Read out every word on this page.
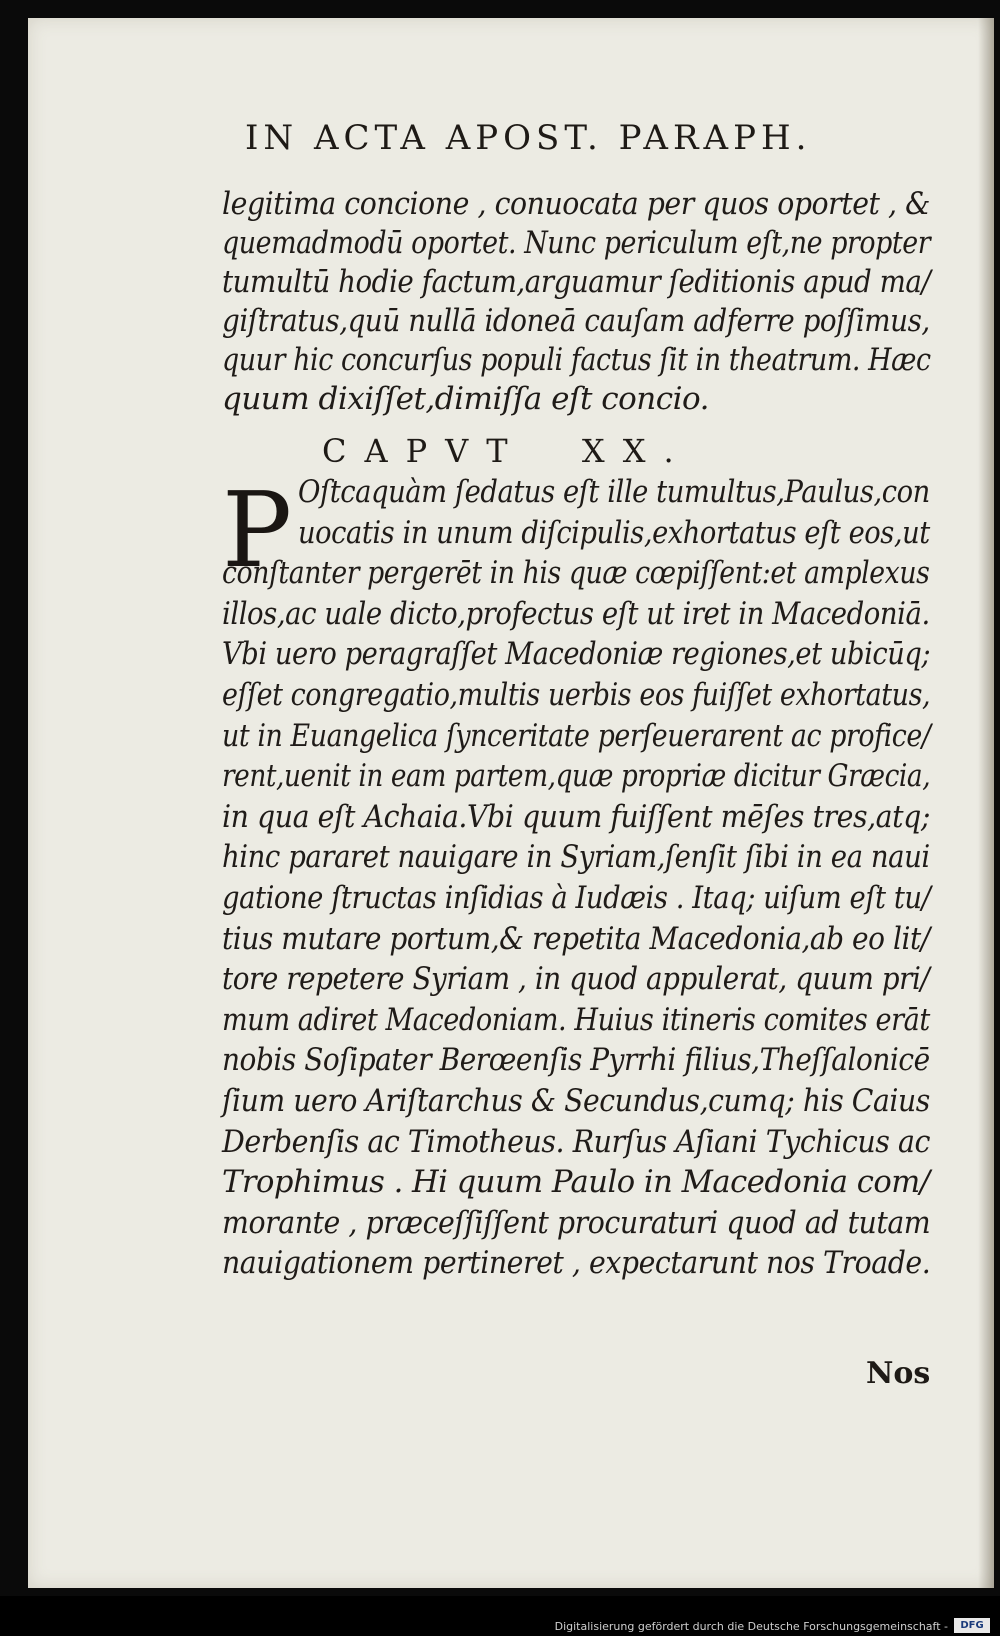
IN ACTA APOST. PARAPH.
legitima concione , conuocata per quos oportet , &
quemadmodū oportet. Nunc periculum eſt,ne propter
tumultū hodie factum,arguamur ſeditionis apud ma/
giſtratus,quū nullā idoneā cauſam adferre poſſimus,
quur hic concurſus populi factus ſit in theatrum. Hæc
quum dixiſſet,dimiſſa eſt concio.
CAPVT  XX.
P Oſtcaquàm ſedatus eſt ille tumultus,Paulus,con
uocatis in unum diſcipulis,exhortatus eſt eos,ut
conſtanter pergerēt in his quæ cœpiſſent:et amplexus
illos,ac uale dicto,profectus eſt ut iret in Macedoniā.
Vbi uero peragraſſet Macedoniæ regiones,et ubicūq;
eſſet congregatio,multis uerbis eos fuiſſet exhortatus,
ut in Euangelica ſynceritate perſeuerarent ac profice/
rent,uenit in eam partem,quæ propriæ dicitur Græcia,
in qua eſt Achaia.Vbi quum fuiſſent mēſes tres,atq;
hinc pararet nauigare in Syriam,ſenſit ſibi in ea naui
gatione ſtructas inſidias à Iudæis . Itaq; uiſum eſt tu/
tius mutare portum,& repetita Macedonia,ab eo lit/
tore repetere Syriam , in quod appulerat, quum pri/
mum adiret Macedoniam. Huius itineris comites erāt
nobis Soſipater Berœenſis Pyrrhi filius,Theſſalonicē
ſium uero Ariſtarchus & Secundus,cumq; his Caius
Derbenſis ac Timotheus. Rurſus Aſiani Tychicus ac
Trophimus . Hi quum Paulo in Macedonia com/
morante , præceſſiſſent procuraturi quod ad tutam
nauigationem pertineret , expectarunt nos Troade.
Nos
Digitalisierung gefördert durch die Deutsche Forschungsgemeinschaft -	DFG
